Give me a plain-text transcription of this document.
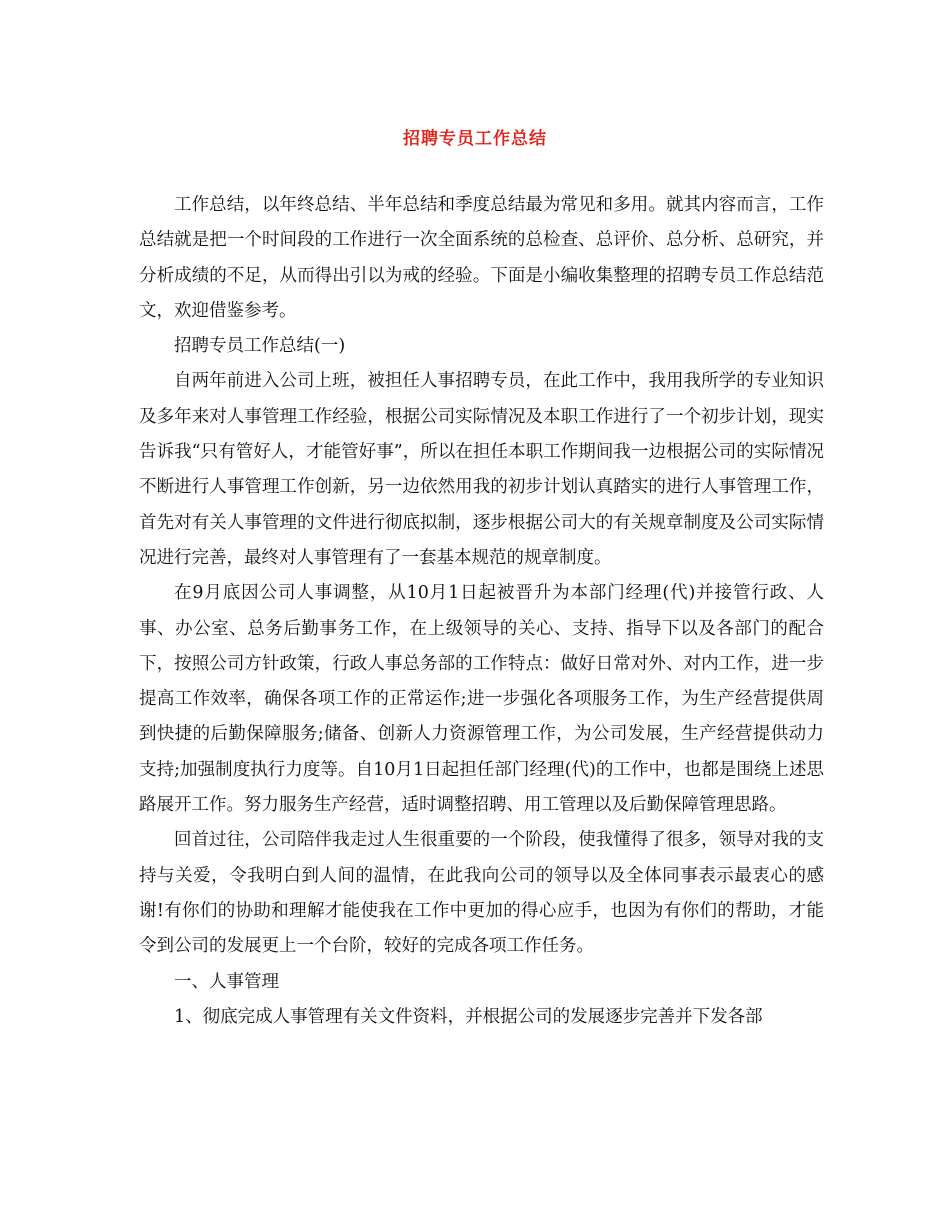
招聘专员工作总结

工作总结，以年终总结、半年总结和季度总结最为常见和多用。就其内容而言，工作总结就是把一个时间段的工作进行一次全面系统的总检查、总评价、总分析、总研究，并分析成绩的不足，从而得出引以为戒的经验。下面是小编收集整理的招聘专员工作总结范文，欢迎借鉴参考。

招聘专员工作总结(一)

自两年前进入公司上班，被担任人事招聘专员，在此工作中，我用我所学的专业知识及多年来对人事管理工作经验，根据公司实际情况及本职工作进行了一个初步计划，现实告诉我“只有管好人，才能管好事”，所以在担任本职工作期间我一边根据公司的实际情况不断进行人事管理工作创新，另一边依然用我的初步计划认真踏实的进行人事管理工作，首先对有关人事管理的文件进行彻底拟制，逐步根据公司大的有关规章制度及公司实际情况进行完善，最终对人事管理有了一套基本规范的规章制度。

在9月底因公司人事调整，从10月1日起被晋升为本部门经理(代)并接管行政、人事、办公室、总务后勤事务工作，在上级领导的关心、支持、指导下以及各部门的配合下，按照公司方针政策，行政人事总务部的工作特点：做好日常对外、对内工作，进一步提高工作效率，确保各项工作的正常运作;进一步强化各项服务工作，为生产经营提供周到快捷的后勤保障服务;储备、创新人力资源管理工作，为公司发展，生产经营提供动力支持;加强制度执行力度等。自10月1日起担任部门经理(代)的工作中，也都是围绕上述思路展开工作。努力服务生产经营，适时调整招聘、用工管理以及后勤保障管理思路。

回首过往，公司陪伴我走过人生很重要的一个阶段，使我懂得了很多，领导对我的支持与关爱，令我明白到人间的温情，在此我向公司的领导以及全体同事表示最衷心的感谢!有你们的协助和理解才能使我在工作中更加的得心应手，也因为有你们的帮助，才能令到公司的发展更上一个台阶，较好的完成各项工作任务。

一、人事管理

1、彻底完成人事管理有关文件资料，并根据公司的发展逐步完善并下发各部
